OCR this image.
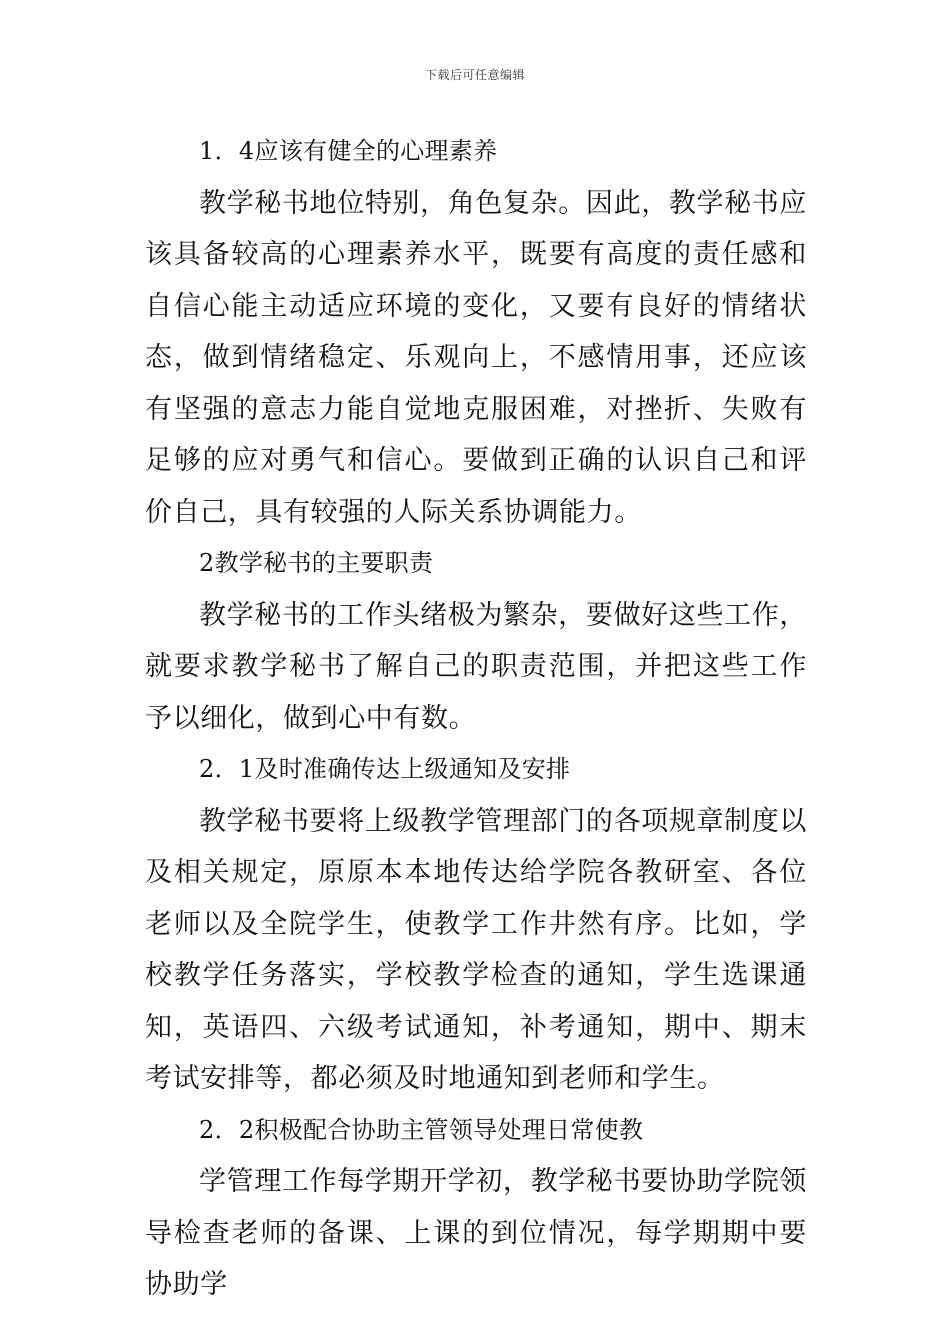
下载后可任意编辑

1．4应该有健全的心理素养

教学秘书地位特别，角色复杂。因此，教学秘书应该具备较高的心理素养水平，既要有高度的责任感和自信心能主动适应环境的变化，又要有良好的情绪状态，做到情绪稳定、乐观向上，不感情用事，还应该有坚强的意志力能自觉地克服困难，对挫折、失败有足够的应对勇气和信心。要做到正确的认识自己和评价自己，具有较强的人际关系协调能力。

2教学秘书的主要职责

教学秘书的工作头绪极为繁杂，要做好这些工作，就要求教学秘书了解自己的职责范围，并把这些工作予以细化，做到心中有数。

2．1及时准确传达上级通知及安排

教学秘书要将上级教学管理部门的各项规章制度以及相关规定，原原本本地传达给学院各教研室、各位老师以及全院学生，使教学工作井然有序。比如，学校教学任务落实，学校教学检查的通知，学生选课通知，英语四、六级考试通知，补考通知，期中、期末考试安排等，都必须及时地通知到老师和学生。

2．2积极配合协助主管领导处理日常使教

学管理工作每学期开学初，教学秘书要协助学院领导检查老师的备课、上课的到位情况，每学期期中要协助学
